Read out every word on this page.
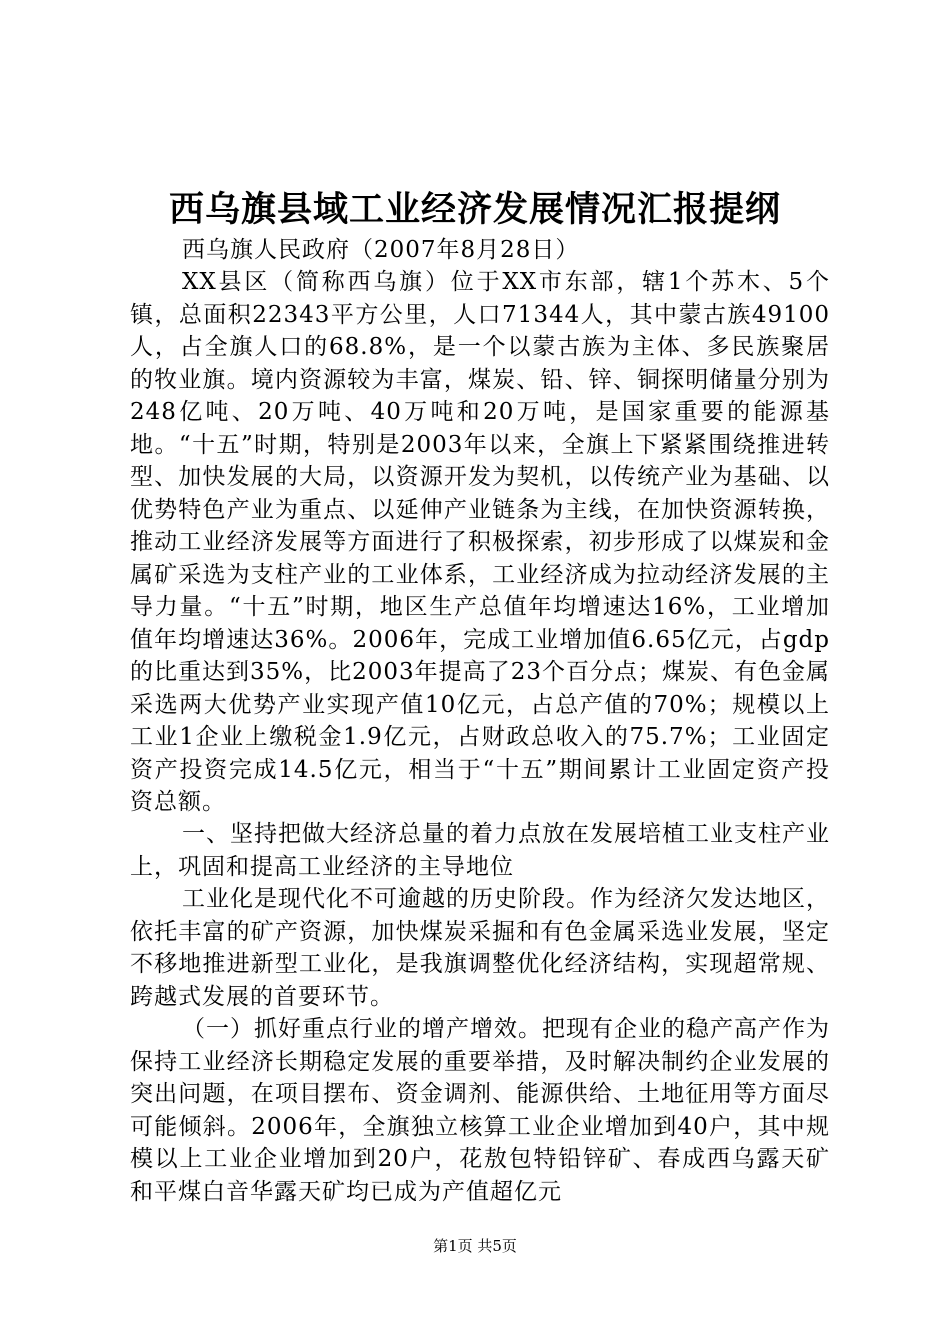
西乌旗县域工业经济发展情况汇报提纲

西乌旗人民政府（2007年8月28日）

XX县区（简称西乌旗）位于XX市东部，辖1个苏木、5个镇，总面积22343平方公里，人口71344人，其中蒙古族49100人，占全旗人口的68.8%，是一个以蒙古族为主体、多民族聚居的牧业旗。境内资源较为丰富，煤炭、铅、锌、铜探明储量分别为248亿吨、20万吨、40万吨和20万吨，是国家重要的能源基地。“十五”时期，特别是2003年以来，全旗上下紧紧围绕推进转型、加快发展的大局，以资源开发为契机，以传统产业为基础、以优势特色产业为重点、以延伸产业链条为主线，在加快资源转换，推动工业经济发展等方面进行了积极探索，初步形成了以煤炭和金属矿采选为支柱产业的工业体系，工业经济成为拉动经济发展的主导力量。“十五”时期，地区生产总值年均增速达16%，工业增加值年均增速达36%。2006年，完成工业增加值6.65亿元，占gdp的比重达到35%，比2003年提高了23个百分点；煤炭、有色金属采选两大优势产业实现产值10亿元，占总产值的70%；规模以上工业1企业上缴税金1.9亿元，占财政总收入的75.7%；工业固定资产投资完成14.5亿元，相当于“十五”期间累计工业固定资产投资总额。

一、坚持把做大经济总量的着力点放在发展培植工业支柱产业上，巩固和提高工业经济的主导地位

工业化是现代化不可逾越的历史阶段。作为经济欠发达地区，依托丰富的矿产资源，加快煤炭采掘和有色金属采选业发展，坚定不移地推进新型工业化，是我旗调整优化经济结构，实现超常规、跨越式发展的首要环节。

（一）抓好重点行业的增产增效。把现有企业的稳产高产作为保持工业经济长期稳定发展的重要举措，及时解决制约企业发展的突出问题，在项目摆布、资金调剂、能源供给、土地征用等方面尽可能倾斜。2006年，全旗独立核算工业企业增加到40户，其中规模以上工业企业增加到20户，花敖包特铅锌矿、春成西乌露天矿和平煤白音华露天矿均已成为产值超亿元

第1页 共5页
